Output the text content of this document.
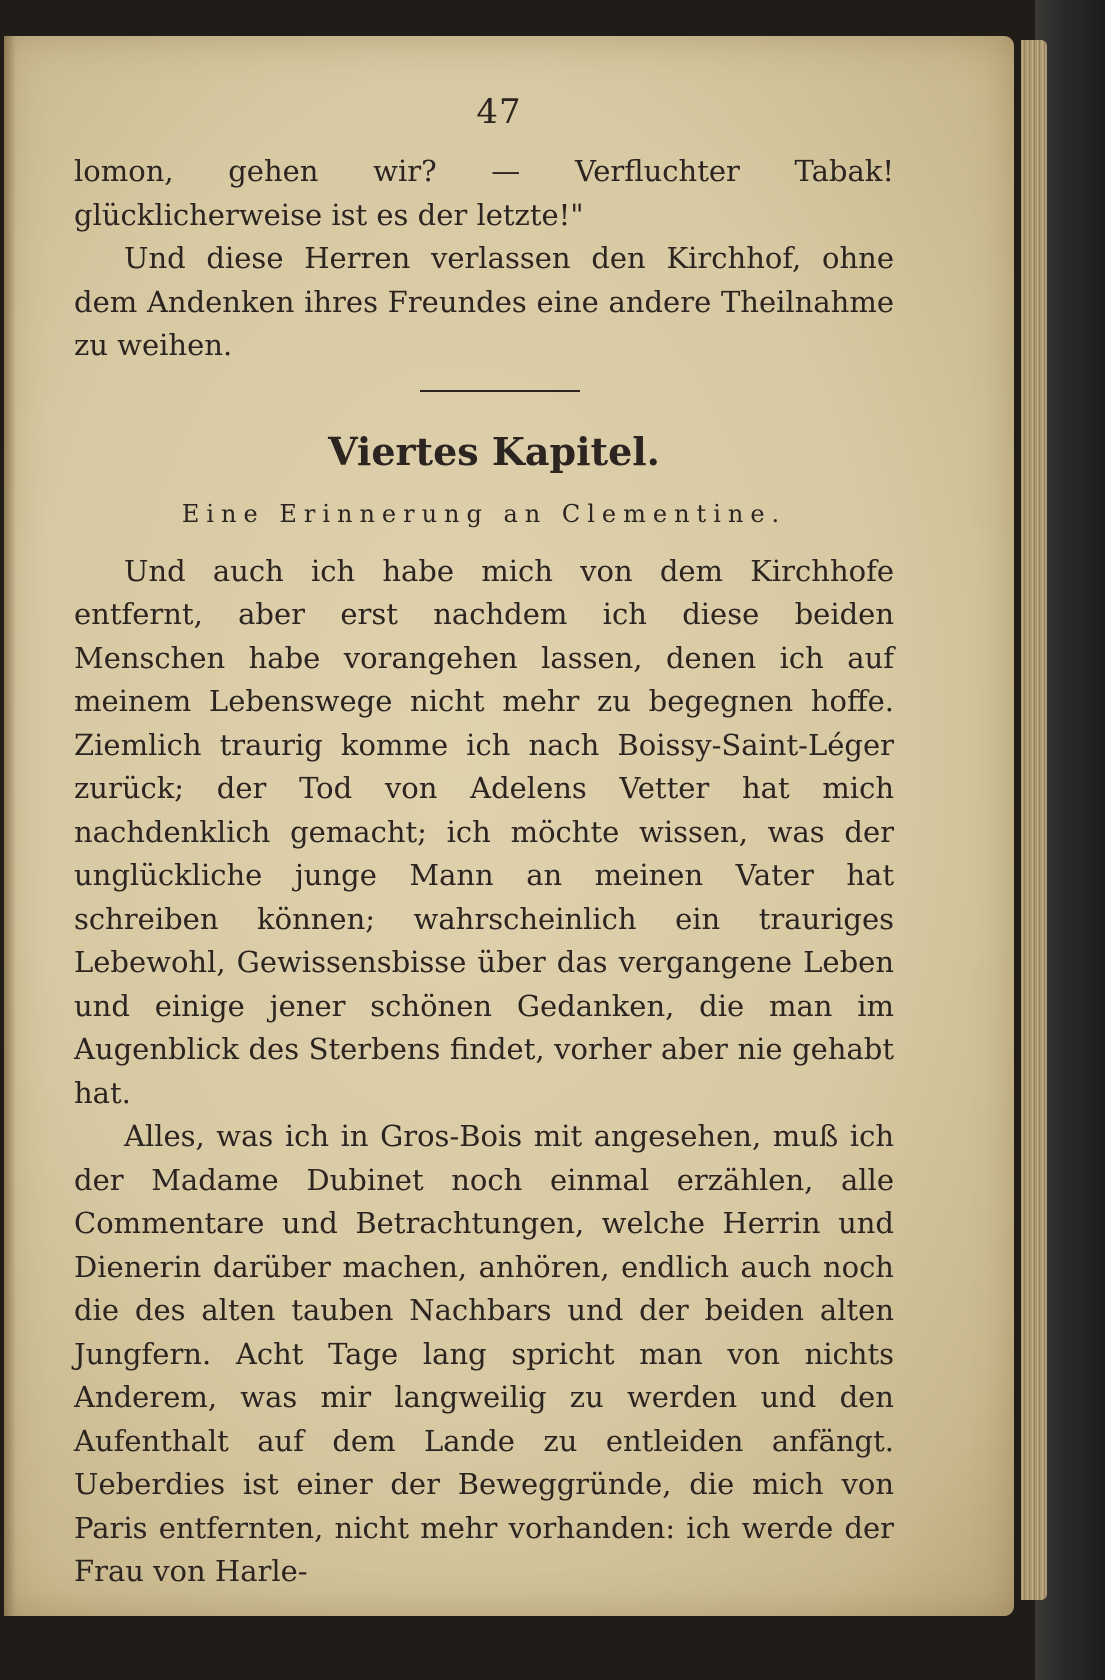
47

lomon, gehen wir? — Verfluchter Tabak! glücklicherweise ist es der letzte!"

Und diese Herren verlassen den Kirchhof, ohne dem Andenken ihres Freundes eine andere Theilnahme zu weihen.

Viertes Kapitel.
Eine Erinnerung an Clementine.

Und auch ich habe mich von dem Kirchhofe entfernt, aber erst nachdem ich diese beiden Menschen habe vorangehen lassen, denen ich auf meinem Lebenswege nicht mehr zu begegnen hoffe. Ziemlich traurig komme ich nach Boissy-Saint-Léger zurück; der Tod von Adelens Vetter hat mich nachdenklich gemacht; ich möchte wissen, was der unglückliche junge Mann an meinen Vater hat schreiben können; wahrscheinlich ein trauriges Lebewohl, Gewissensbisse über das vergangene Leben und einige jener schönen Gedanken, die man im Augenblick des Sterbens findet, vorher aber nie gehabt hat.

Alles, was ich in Gros-Bois mit angesehen, muß ich der Madame Dubinet noch einmal erzählen, alle Commentare und Betrachtungen, welche Herrin und Dienerin darüber machen, anhören, endlich auch noch die des alten tauben Nachbars und der beiden alten Jungfern. Acht Tage lang spricht man von nichts Anderem, was mir langweilig zu werden und den Aufenthalt auf dem Lande zu entleiden anfängt. Ueberdies ist einer der Beweggründe, die mich von Paris entfernten, nicht mehr vorhanden: ich werde der Frau von Harle-
